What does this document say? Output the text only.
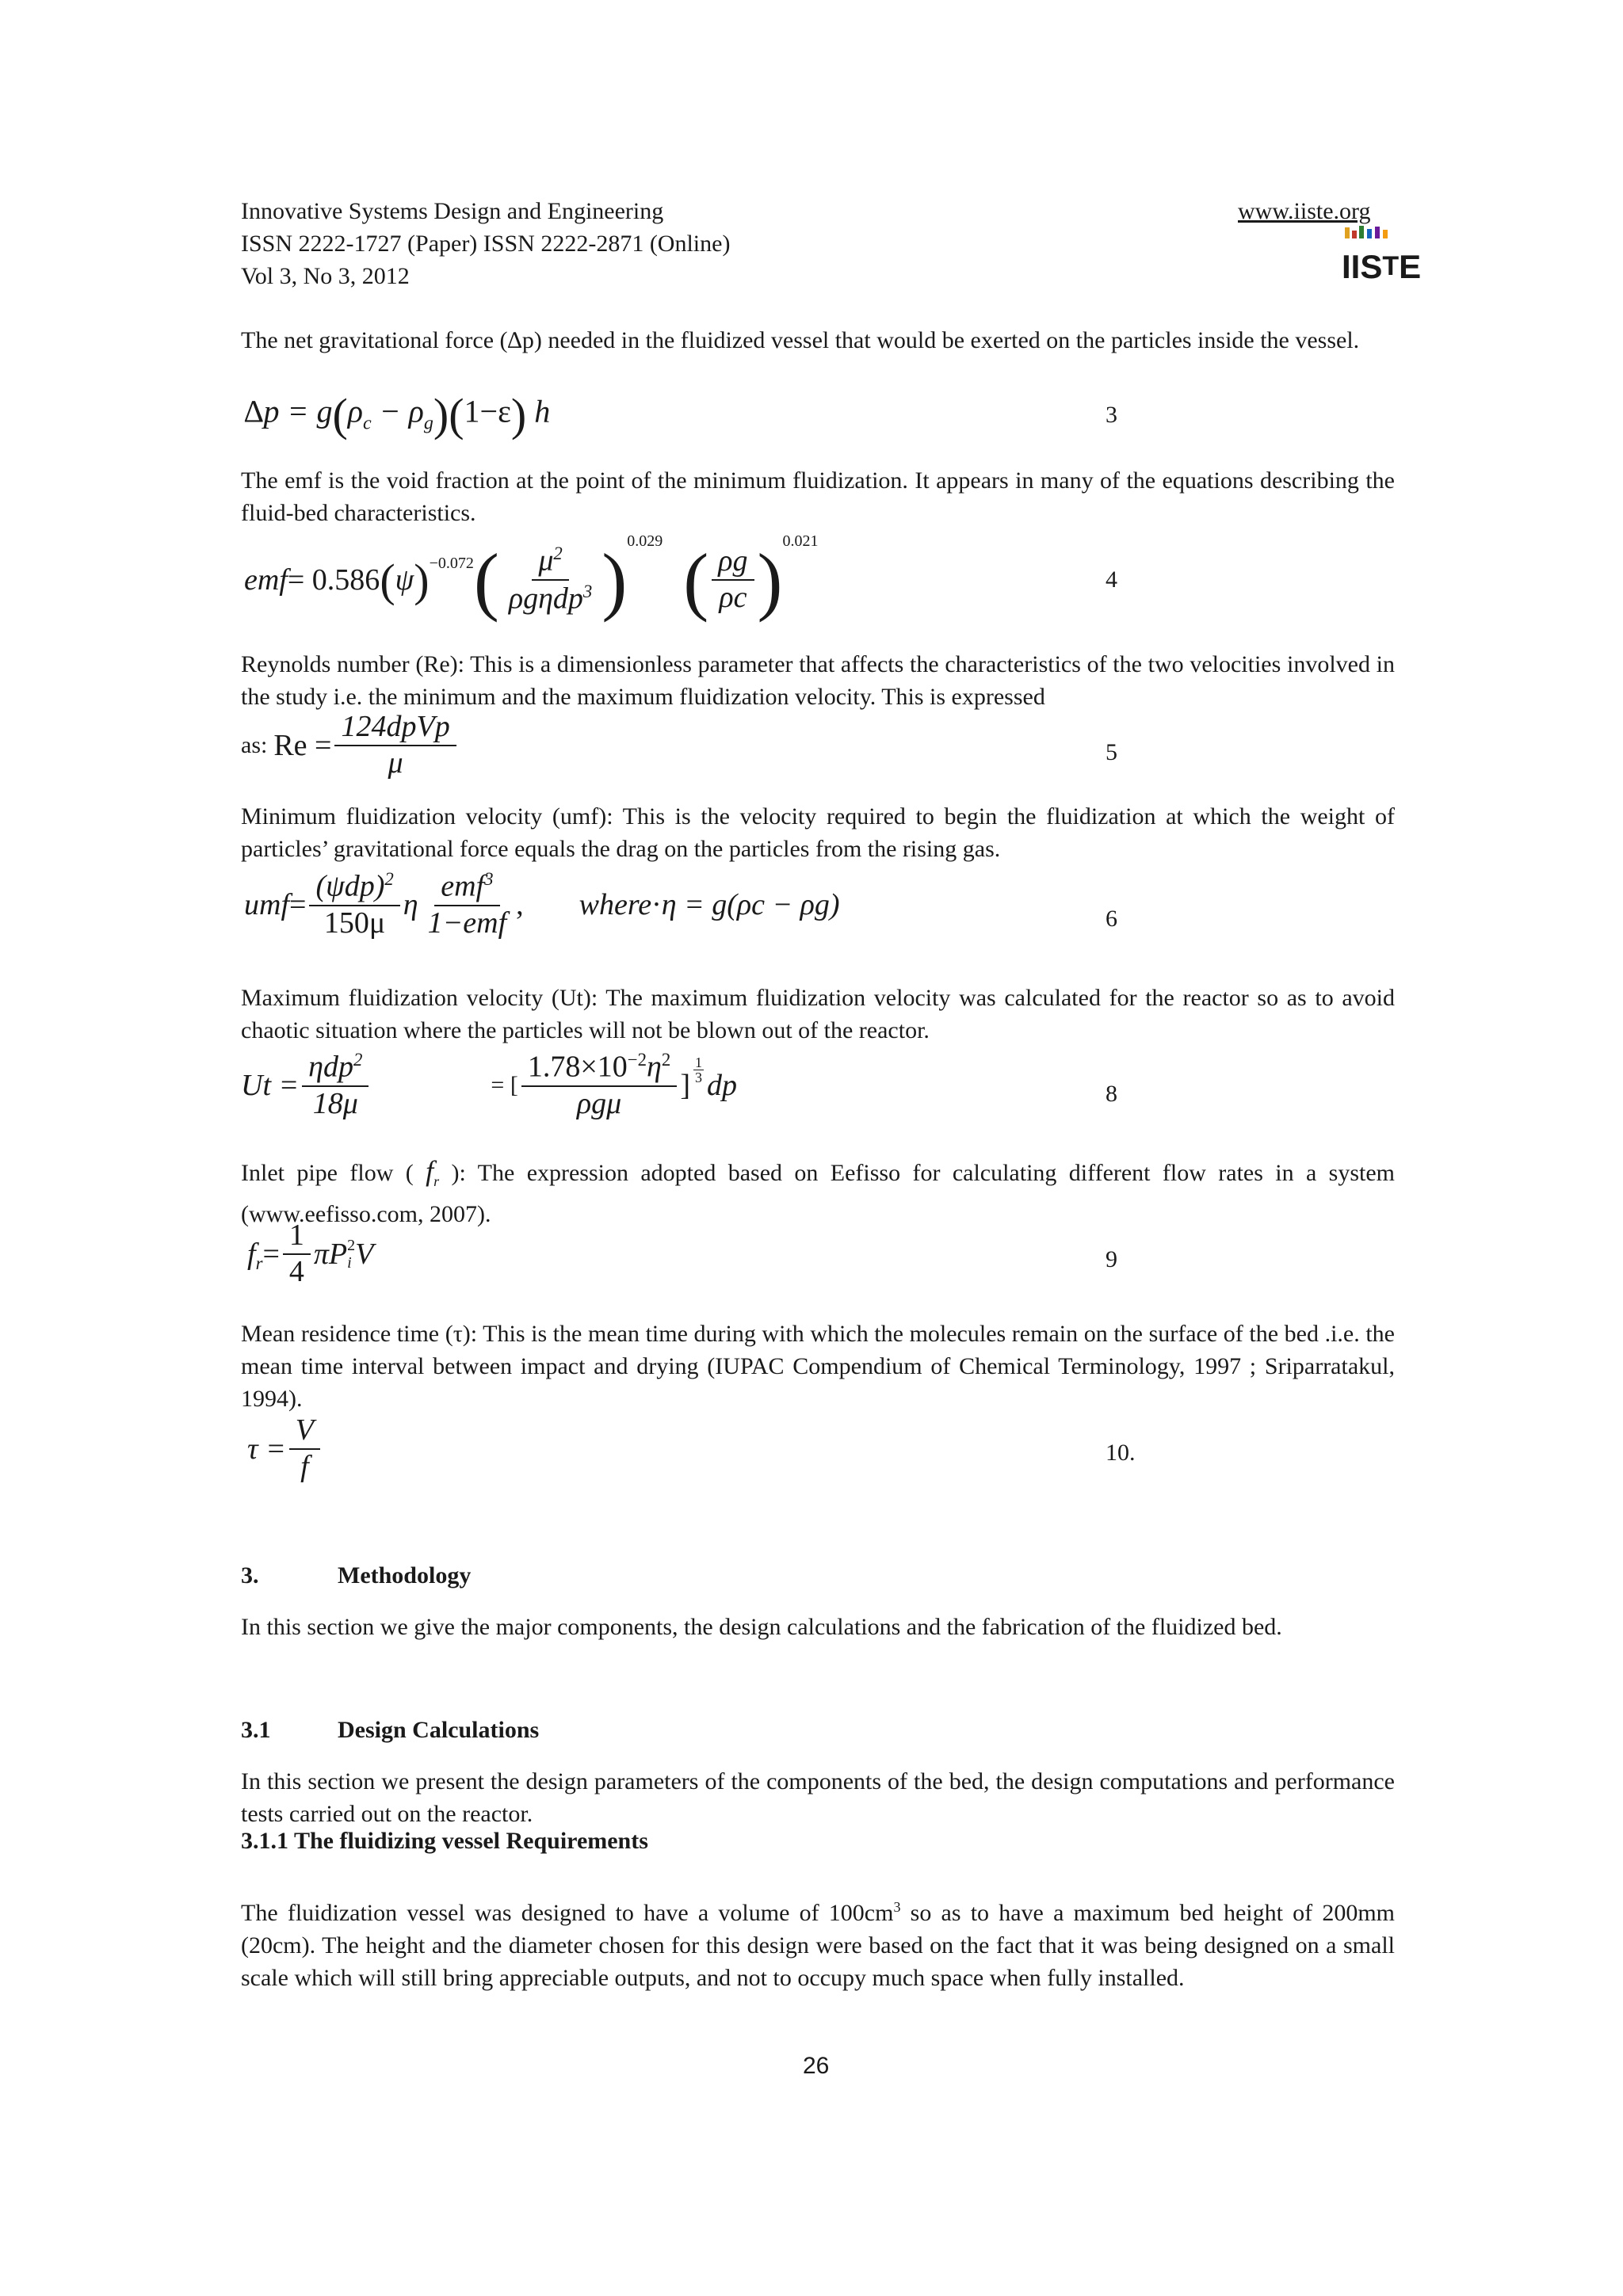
Innovative Systems Design and Engineering
ISSN 2222-1727 (Paper) ISSN 2222-2871 (Online)
Vol 3, No 3, 2012
www.iiste.org
IISTE
The net gravitational force (∆p) needed in the fluidized vessel that would be exerted on the particles inside the vessel.
$\Delta p = g(\rho_c - \rho_g)(1-\varepsilon)$ h	3
The emf is the void fraction at the point of the minimum fluidization. It appears in many of the equations describing the fluid-bed characteristics.
emf = 0.586 ( ψ )$^{-0.072}$ ( $\frac{\mu^2}{\rho g\eta dp^3} )^{0.029}$ ( $\frac{\rho g}{\rho c} )^{0.021}$
4
Reynolds number (Re): This is a dimensionless parameter that affects the characteristics of the two velocities involved in the study i.e. the minimum and the maximum fluidization velocity. This is expressed
as: $Re = \frac{\text{124dpVp}}{\mu}$	5
Minimum fluidization velocity (umf): This is the velocity required to begin the fluidization at which the weight of particles’ gravitational force equals the drag on the particles from the rising gas.
umf = $\frac{(\psi dp)^2}{150\mu}$ η $\frac{emf^3}{\text{1−emf}}$ , where · η = g(ρc − ρg)	6
Maximum fluidization velocity (Ut): The maximum fluidization velocity was calculated for the reactor so as to avoid chaotic situation where the particles will not be blown out of the reactor.
$Ut = \frac{\eta dp^2}{18\mu}$	= [ $\frac{1.78\times 10^{-2}\eta^2}{\text{ρgμ}}$ ] $\frac{1}{3}$ dp	8
Inlet pipe flow ( $f_r$ ): The expression adopted based on Eefisso for calculating different flow rates in a system (www.eefisso.com, 2007).
$f_r = \frac{1}{4}$ πP 2
i V	9
Mean residence time (τ): This is the mean time during with which the molecules remain on the surface of the bed .i.e. the mean time interval between impact and drying (IUPAC Compendium of Chemical Terminology, 1997 ; Sriparratakul, 1994).
$\tau = \frac{V}{f}$	10.
3.	Methodology
In this section we give the major components, the design calculations and the fabrication of the fluidized bed.
3.1	Design Calculations
In this section we present the design parameters of the components of the bed, the design computations and performance tests carried out on the reactor.
3.1.1 The fluidizing vessel Requirements
The fluidization vessel was designed to have a volume of $100cm^3$ so as to have a maximum bed height of 200mm (20cm). The height and the diameter chosen for this design were based on the fact that it was being designed on a small scale which will still bring appreciable outputs, and not to occupy much space when fully installed.
26
